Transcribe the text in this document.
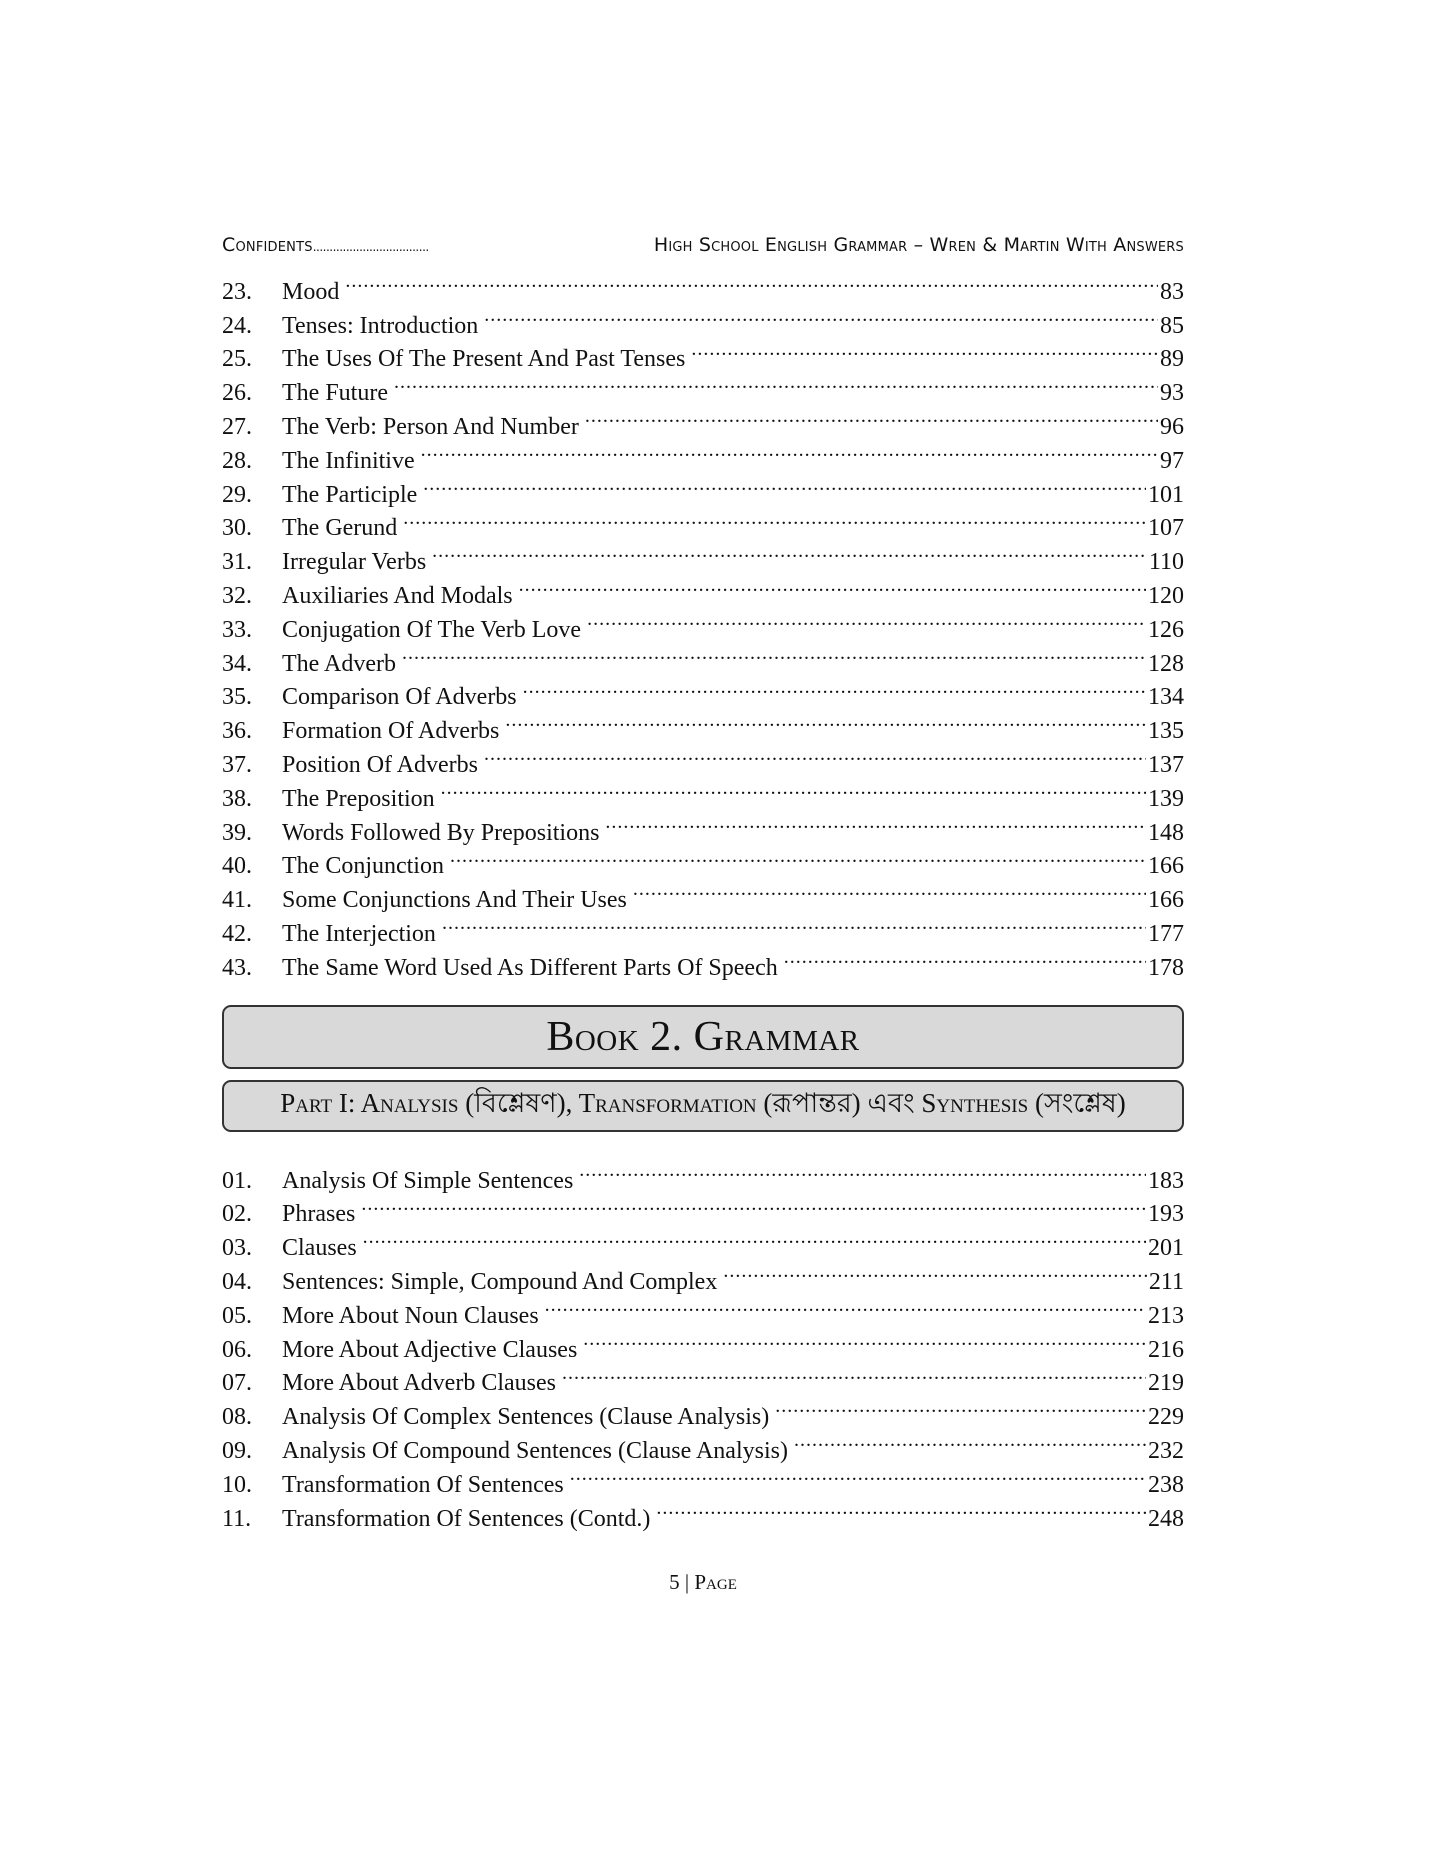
Confidents ...................................	High School English Grammar – Wren & Martin With Answers
23.	Mood .....	83
24.	Tenses: Introduction .....	85
25.	The Uses Of The Present And Past Tenses .....	89
26.	The Future .....	93
27.	The Verb: Person And Number .....	96
28.	The Infinitive .....	97
29.	The Participle .....	101
30.	The Gerund .....	107
31.	Irregular Verbs .....	110
32.	Auxiliaries And Modals .....	120
33.	Conjugation Of The Verb Love .....	126
34.	The Adverb .....	128
35.	Comparison Of Adverbs .....	134
36.	Formation Of Adverbs .....	135
37.	Position Of Adverbs .....	137
38.	The Preposition .....	139
39.	Words Followed By Prepositions .....	148
40.	The Conjunction .....	166
41.	Some Conjunctions And Their Uses .....	166
42.	The Interjection .....	177
43.	The Same Word Used As Different Parts Of Speech .....	178
Book 2. Grammar
Part I: Analysis (বিশ্লেষণ), Transformation (রূপান্তর) এবং Synthesis (সংশ্লেষ)
01.	Analysis Of Simple Sentences .....	183
02.	Phrases .....	193
03.	Clauses .....	201
04.	Sentences: Simple, Compound And Complex .....	211
05.	More About Noun Clauses .....	213
06.	More About Adjective Clauses .....	216
07.	More About Adverb Clauses .....	219
08.	Analysis Of Complex Sentences (Clause Analysis) .....	229
09.	Analysis Of Compound Sentences (Clause Analysis) .....	232
10.	Transformation Of Sentences .....	238
11.	Transformation Of Sentences (Contd.) .....	248
5 | Page
